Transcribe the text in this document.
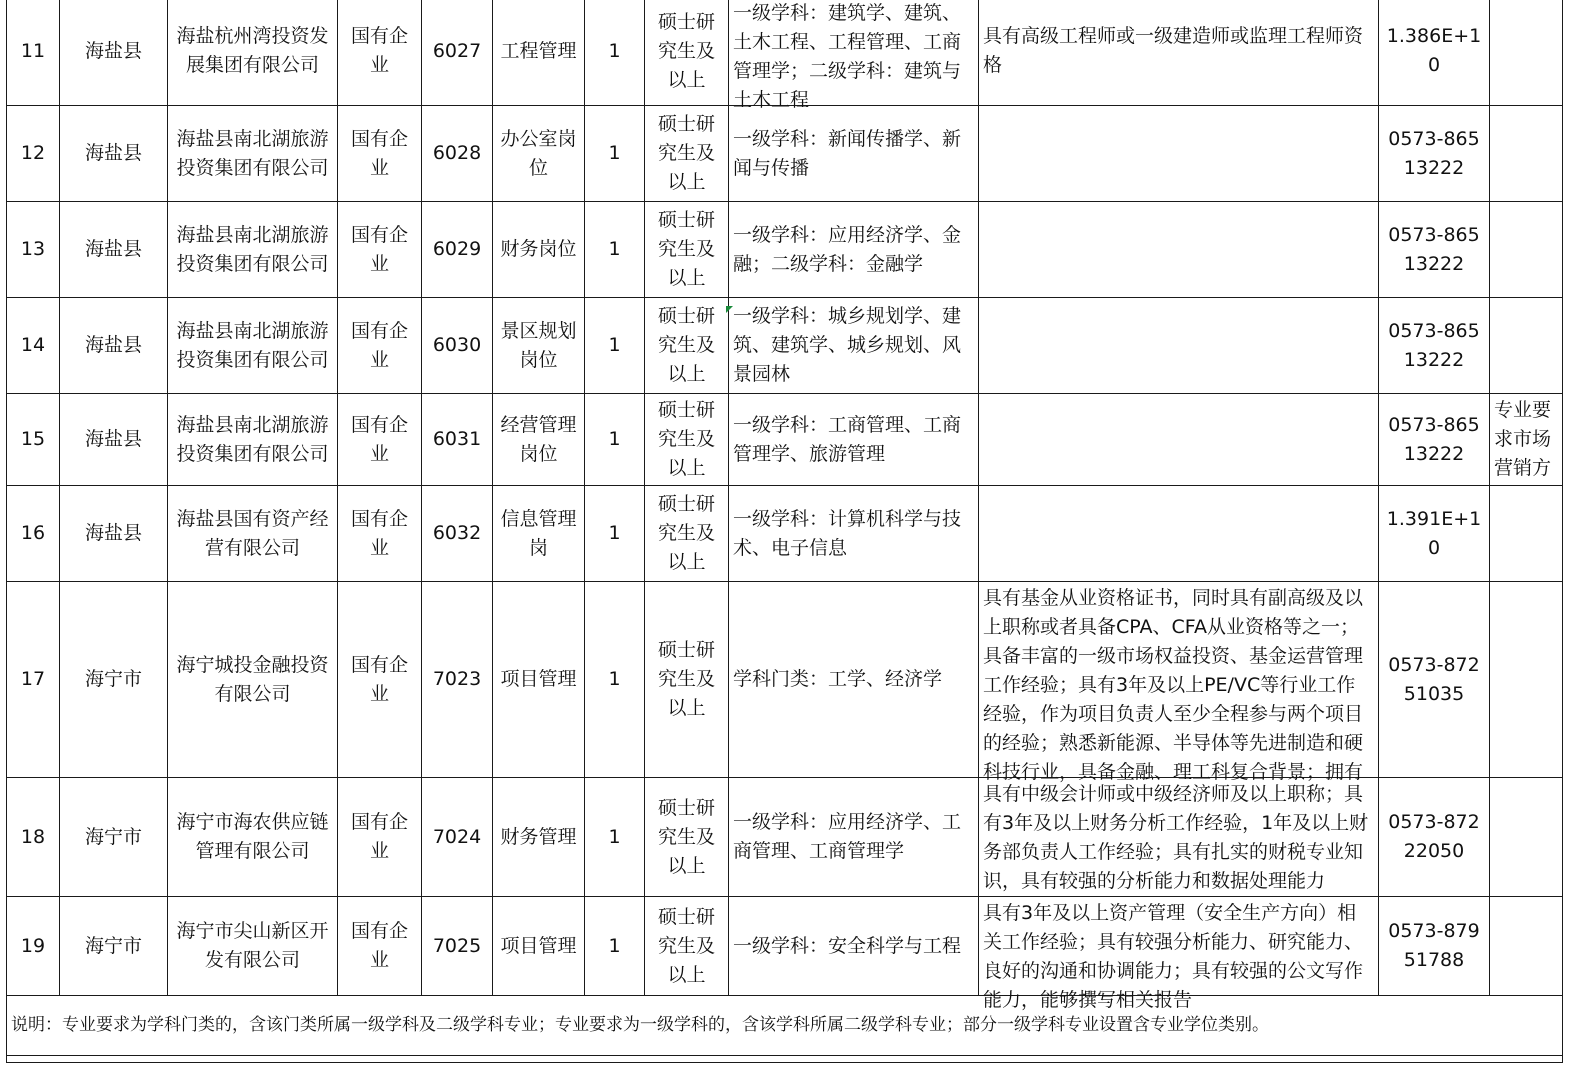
11	海盐县	海盐杭州湾投资发展集团有限公司	国有企业	6027	工程管理	1	硕士研究生及以上	一级学科：建筑学、建筑、土木工程、工程管理、工商管理学；二级学科：建筑与土木工程	具有高级工程师或一级建造师或监理工程师资格	1.386E+10	

12	海盐县	海盐县南北湖旅游投资集团有限公司	国有企业	6028	办公室岗位	1	硕士研究生及以上	一级学科：新闻传播学、新闻与传播		0573-86513222	

13	海盐县	海盐县南北湖旅游投资集团有限公司	国有企业	6029	财务岗位	1	硕士研究生及以上	一级学科：应用经济学、金融；二级学科：金融学		0573-86513222	

14	海盐县	海盐县南北湖旅游投资集团有限公司	国有企业	6030	景区规划岗位	1	硕士研究生及以上	一级学科：城乡规划学、建筑、建筑学、城乡规划、风景园林		0573-86513222	

15	海盐县	海盐县南北湖旅游投资集团有限公司	国有企业	6031	经营管理岗位	1	硕士研究生及以上	一级学科：工商管理、工商管理学、旅游管理		0573-86513222	专业要求市场营销方

16	海盐县	海盐县国有资产经营有限公司	国有企业	6032	信息管理岗	1	硕士研究生及以上	一级学科：计算机科学与技术、电子信息		1.391E+10	

17	海宁市	海宁城投金融投资有限公司	国有企业	7023	项目管理	1	硕士研究生及以上	学科门类：工学、经济学	具有基金从业资格证书，同时具有副高级及以上职称或者具备CPA、CFA从业资格等之一；具备丰富的一级市场权益投资、基金运营管理工作经验；具有3年及以上PE/VC等行业工作经验，作为项目负责人至少全程参与两个项目的经验；熟悉新能源、半导体等先进制造和硬科技行业，具备金融、理工科复合背景；拥有	0573-87251035	

18	海宁市	海宁市海农供应链管理有限公司	国有企业	7024	财务管理	1	硕士研究生及以上	一级学科：应用经济学、工商管理、工商管理学	具有中级会计师或中级经济师及以上职称；具有3年及以上财务分析工作经验，1年及以上财务部负责人工作经验；具有扎实的财税专业知识，具有较强的分析能力和数据处理能力	0573-87222050	

19	海宁市	海宁市尖山新区开发有限公司	国有企业	7025	项目管理	1	硕士研究生及以上	一级学科：安全科学与工程	具有3年及以上资产管理（安全生产方向）相关工作经验；具有较强分析能力、研究能力、良好的沟通和协调能力；具有较强的公文写作能力，能够撰写相关报告	0573-87951788	

说明：专业要求为学科门类的，含该门类所属一级学科及二级学科专业；专业要求为一级学科的，含该学科所属二级学科专业；部分一级学科专业设置含专业学位类别。											
